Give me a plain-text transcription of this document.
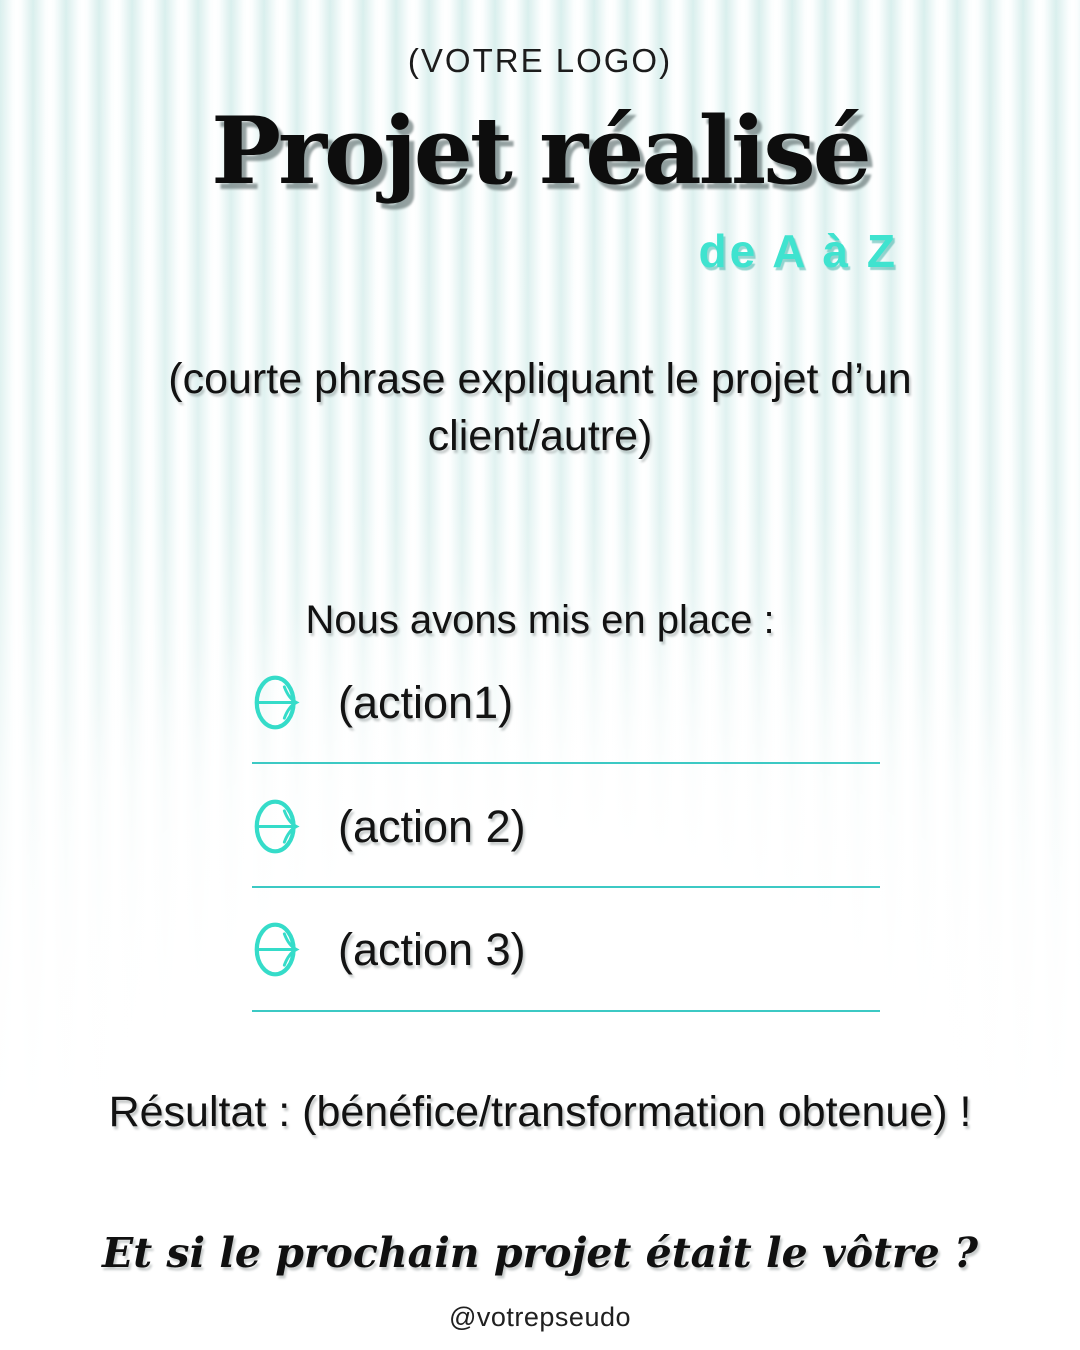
(VOTRE LOGO)
Projet réalisé
de A à Z
(courte phrase expliquant le projet d’un
client/autre)
Nous avons mis en place :
(action1)
(action 2)
(action 3)
Résultat : (bénéfice/transformation obtenue) !
Et si le prochain projet était le vôtre ?
@votrepseudo
